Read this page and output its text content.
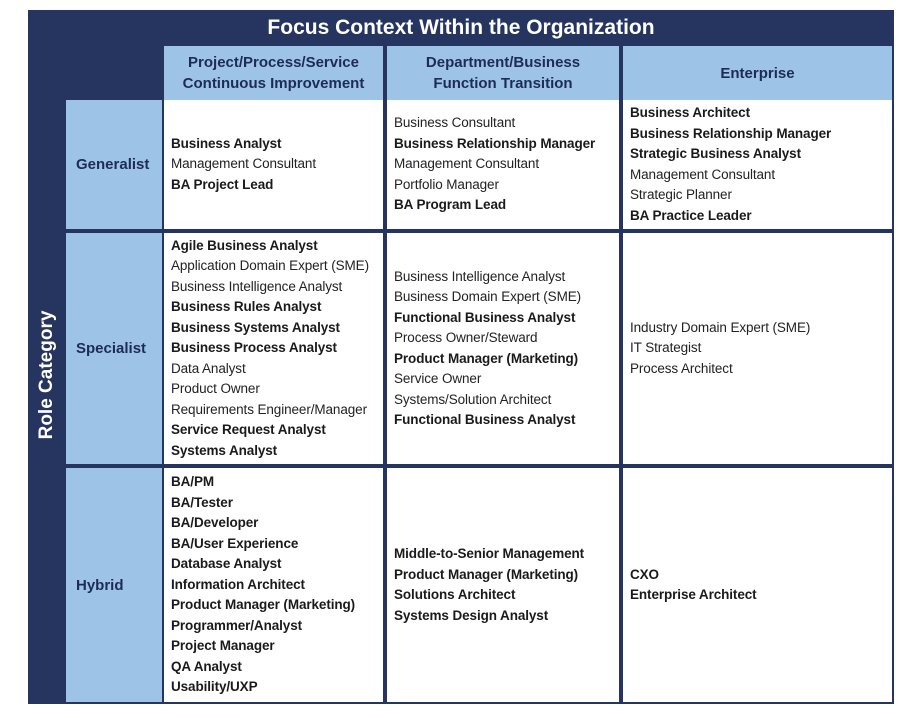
Focus Context Within the Organization
Role Category
Project/Process/Service
Continuous Improvement
Department/Business
Function Transition
Enterprise
Generalist
Specialist
Hybrid
Business Analyst
Management Consultant
BA Project Lead
Business Consultant
Business Relationship Manager
Management Consultant
Portfolio Manager
BA Program Lead
Business Architect
Business Relationship Manager
Strategic Business Analyst
Management Consultant
Strategic Planner
BA Practice Leader
Agile Business Analyst
Application Domain Expert (SME)
Business Intelligence Analyst
Business Rules Analyst
Business Systems Analyst
Business Process Analyst
Data Analyst
Product Owner
Requirements Engineer/Manager
Service Request Analyst
Systems Analyst
Business Intelligence Analyst
Business Domain Expert (SME)
Functional Business Analyst
Process Owner/Steward
Product Manager (Marketing)
Service Owner
Systems/Solution Architect
Functional Business Analyst
Industry Domain Expert (SME)
IT Strategist
Process Architect
BA/PM
BA/Tester
BA/Developer
BA/User Experience
Database Analyst
Information Architect
Product Manager (Marketing)
Programmer/Analyst
Project Manager
QA Analyst
Usability/UXP
Middle-to-Senior Management
Product Manager (Marketing)
Solutions Architect
Systems Design Analyst
CXO
Enterprise Architect
